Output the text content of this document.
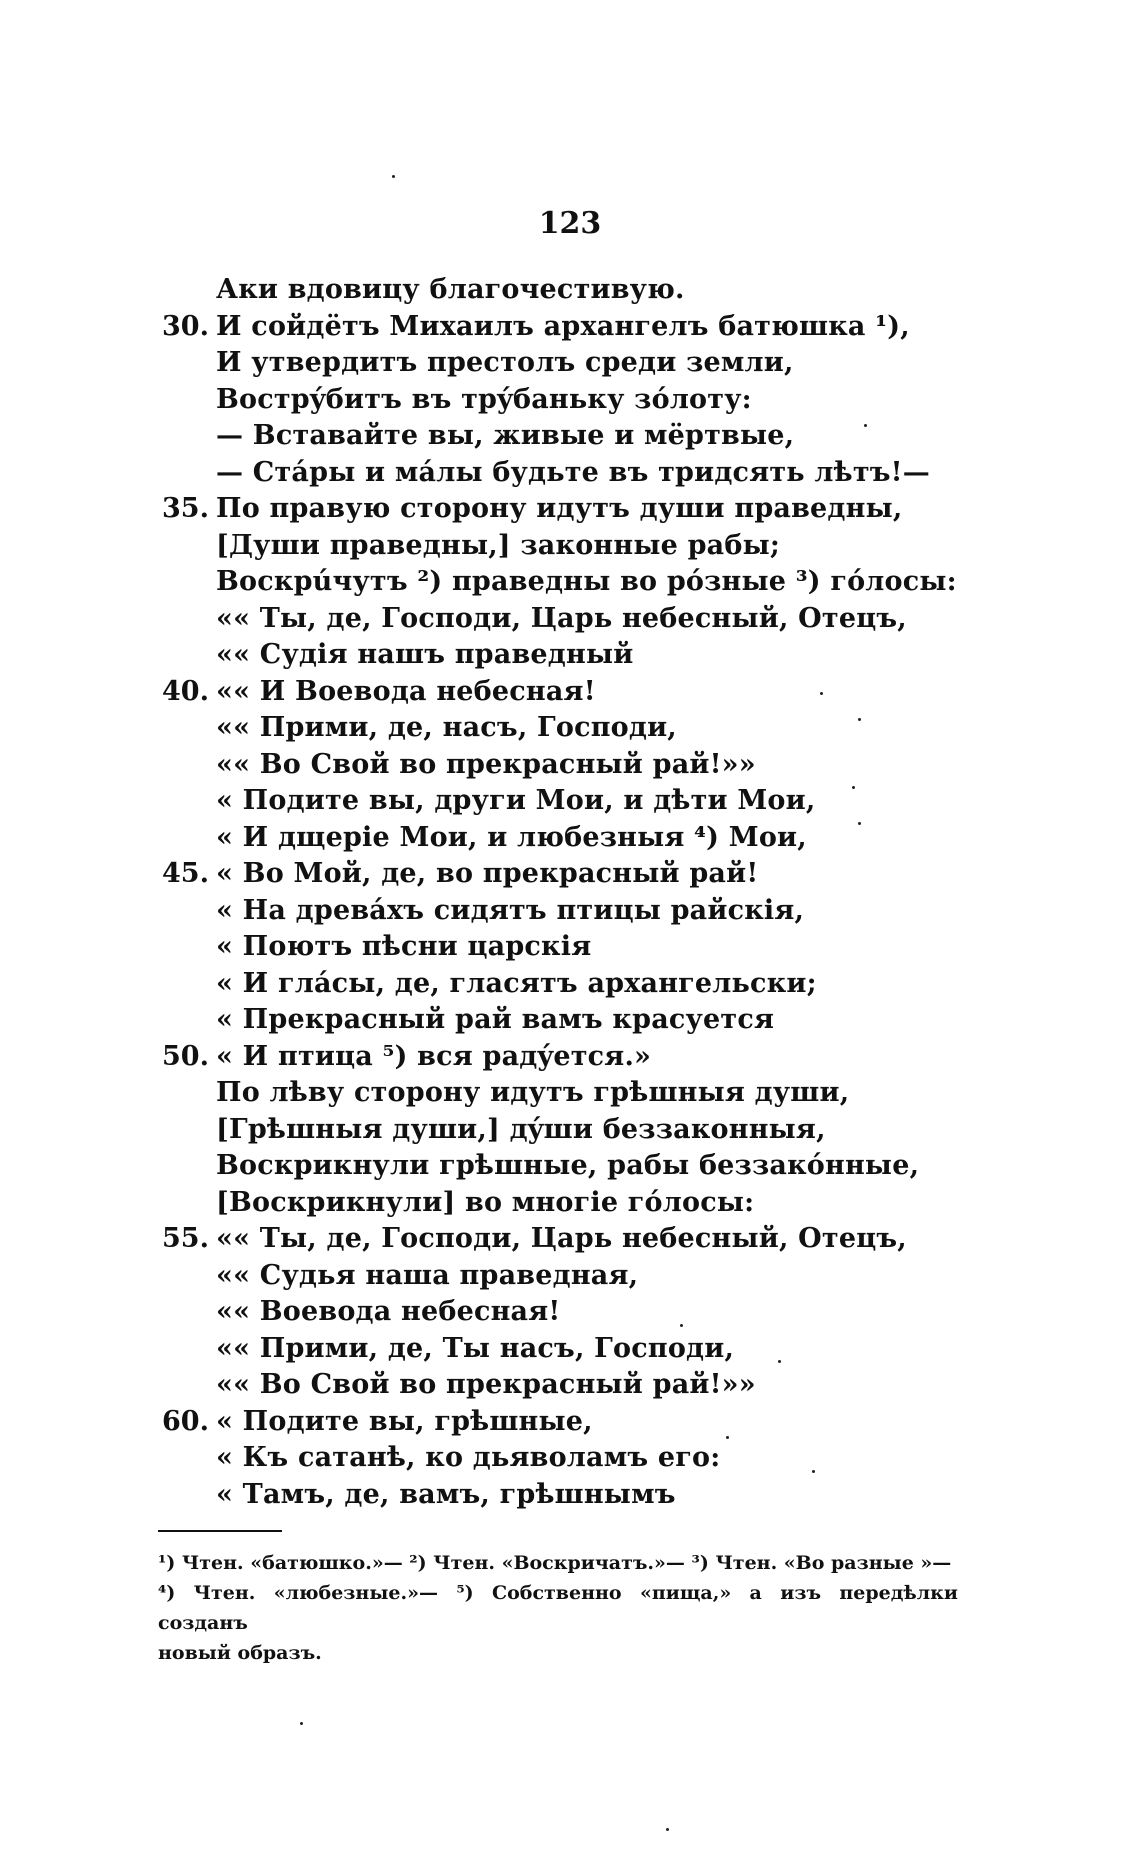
123
Аки вдовицу благочестивую.
30. И сойдётъ Михаилъ архангелъ батюшка ¹),
И утвердитъ престолъ среди земли,
Вострýбитъ въ трýбаньку зóлоту:
— Вставайте вы, живые и мёртвые,
— Стáры и мáлы будьте въ тридсять лѣтъ!—
35. По правую сторону идутъ души праведны,
[Души праведны,] законные рабы;
Воскрúчутъ ²) праведны во рóзные ³) гóлосы:
«« Ты, де, Господи, Царь небесный, Отецъ,
«« Судія нашъ праведный
40. «« И Воевода небесная!
«« Прими, де, насъ, Господи,
«« Во Свой во прекрасный рай!»»
« Подите вы, други Мои, и дѣти Мои,
« И дщеріе Мои, и любезныя ⁴) Мои,
45. « Во Мой, де, во прекрасный рай!
« На древáхъ сидятъ птицы райскія,
« Поютъ пѣсни царскія
« И глáсы, де, гласятъ архангельски;
« Прекрасный рай вамъ красуется
50. « И птица ⁵) вся радýется.»
По лѣву сторону идутъ грѣшныя души,
[Грѣшныя души,] дýши беззаконныя,
Воскрикнули грѣшные, рабы беззакóнные,
[Воскрикнули] во многіе гóлосы:
55. «« Ты, де, Господи, Царь небесный, Отецъ,
«« Судья наша праведная,
«« Воевода небесная!
«« Прими, де, Ты насъ, Господи,
«« Во Свой во прекрасный рай!»»
60. « Подите вы, грѣшные,
« Къ сатанѣ, ко дьяволамъ его:
« Тамъ, де, вамъ, грѣшнымъ

¹) Чтен. «батюшко.»— ²) Чтен. «Воскричатъ.»— ³) Чтен. «Во разные »—

⁴) Чтен. «любезные.»— ⁵) Собственно «пища,» а изъ передѣлки созданъ

новый образъ.
